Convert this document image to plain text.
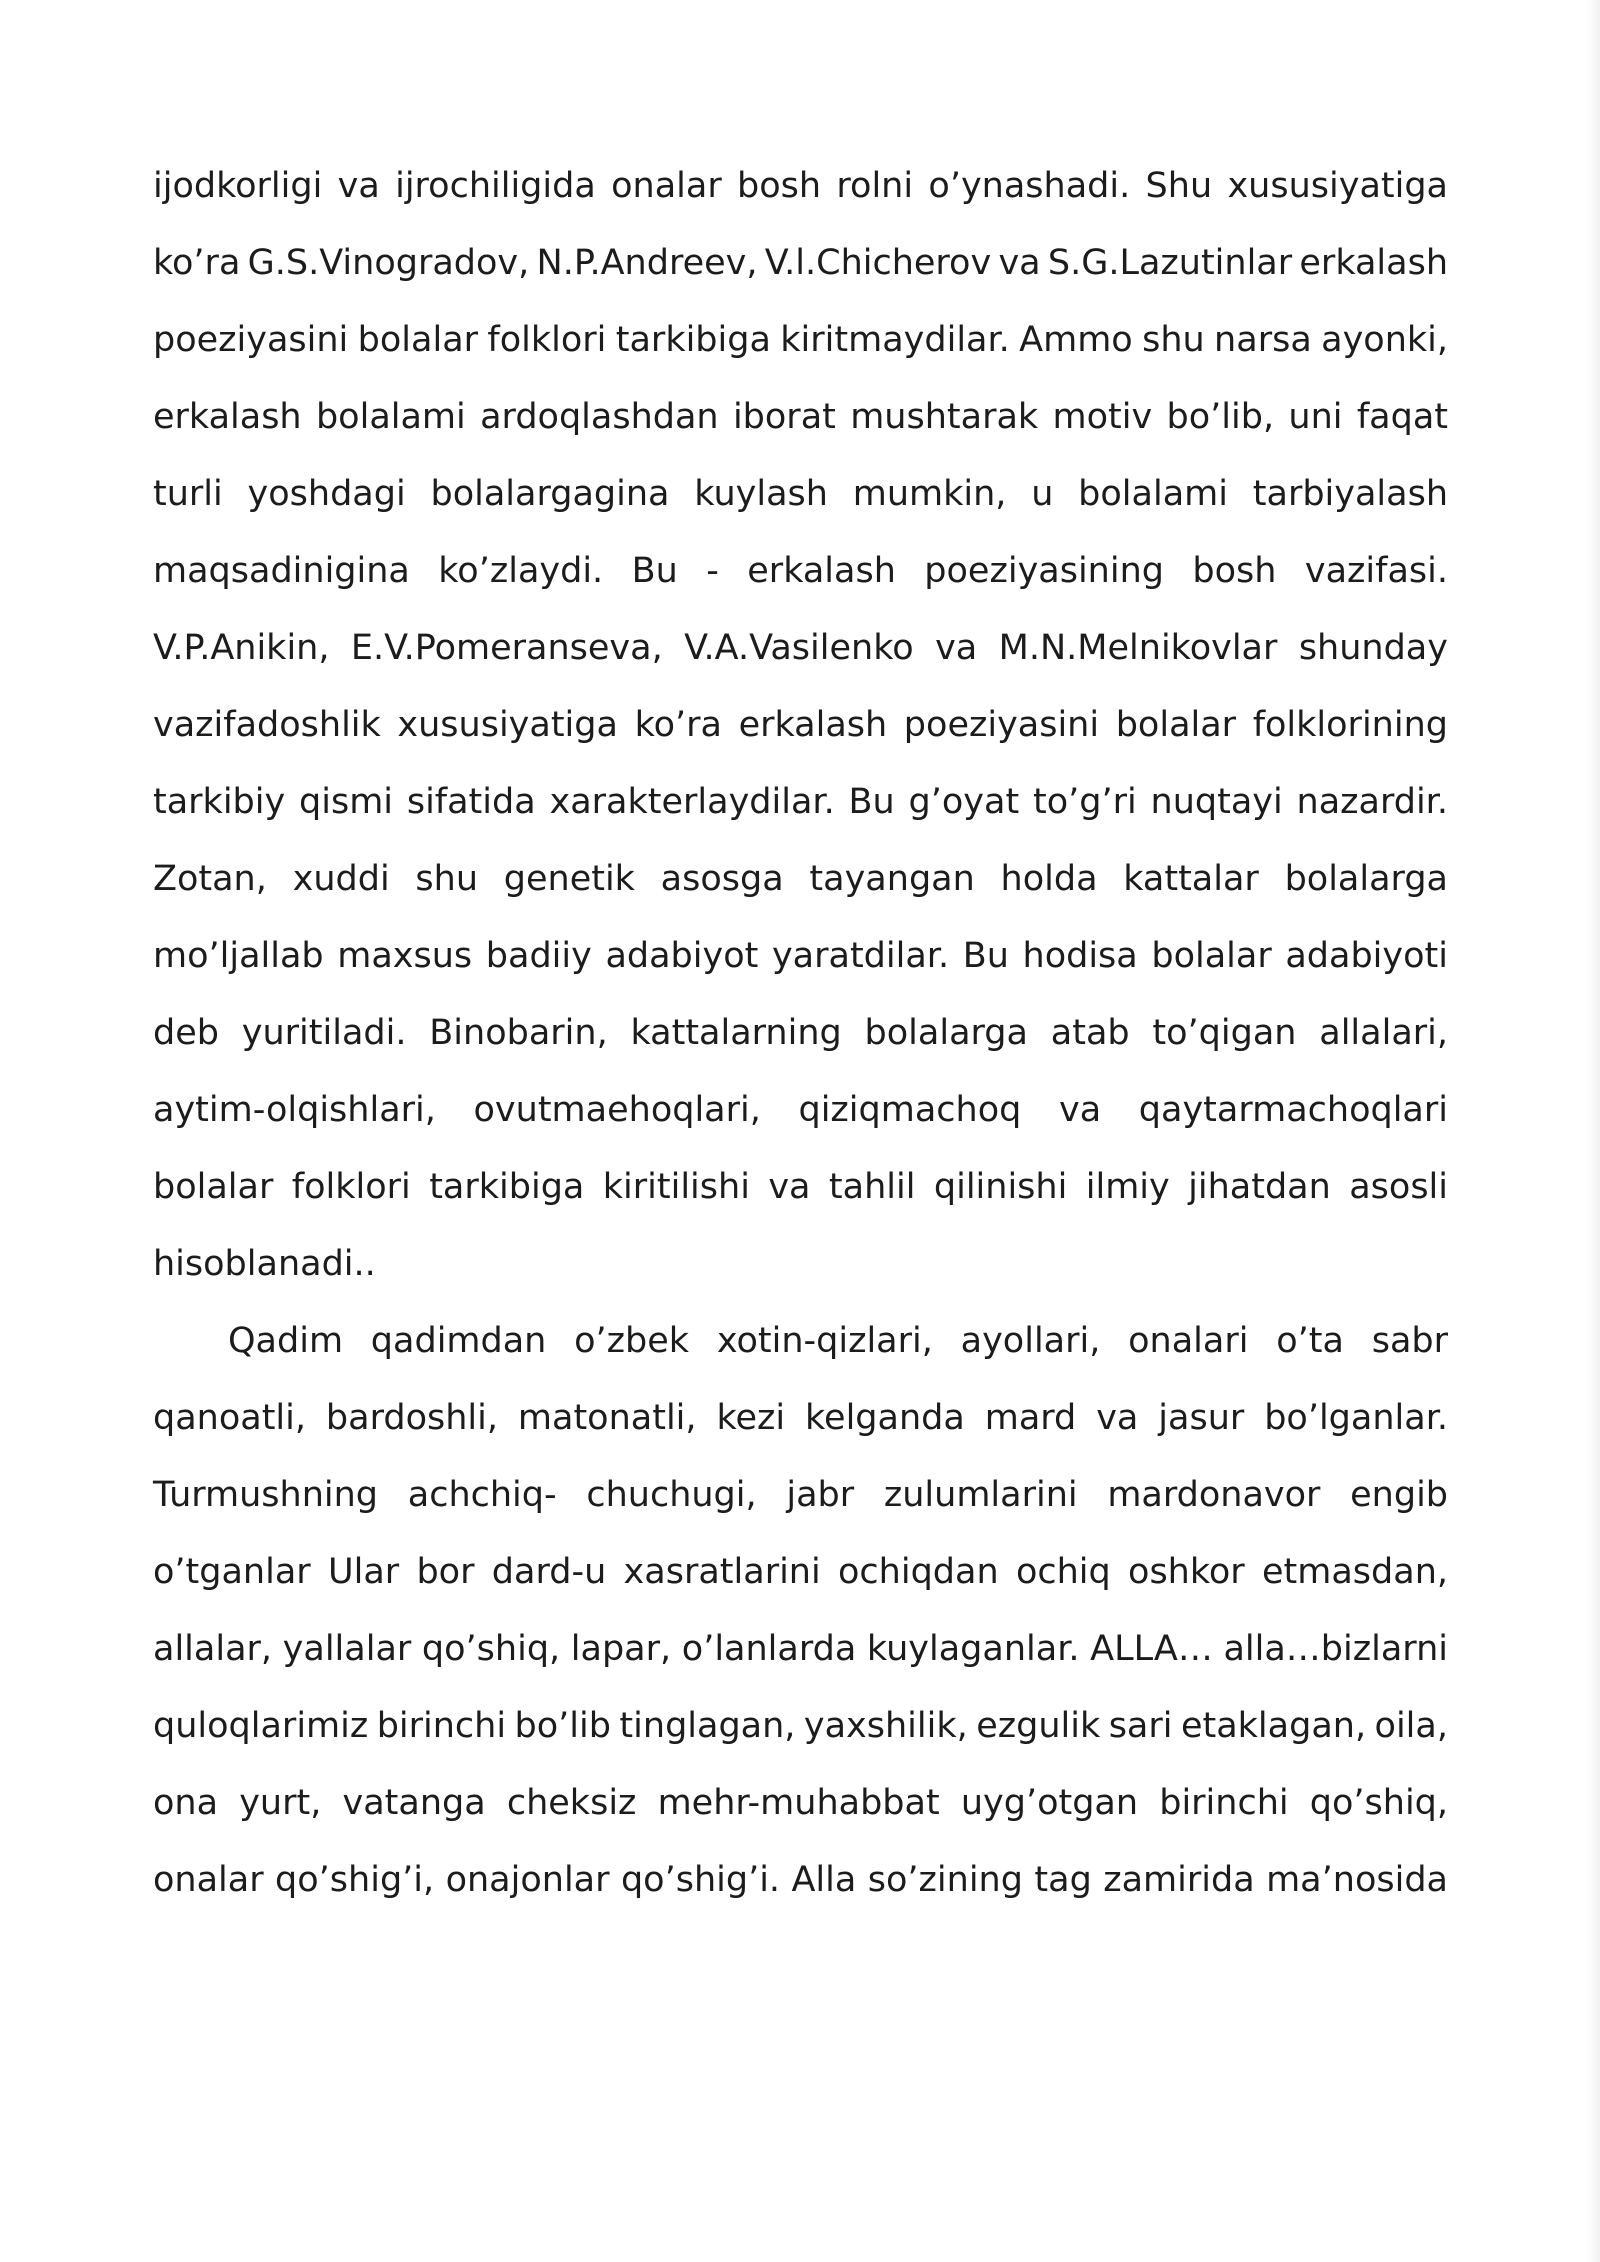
ijodkorligi va ijrochiligida onalar bosh rolni o’ynashadi. Shu xususiyatiga
ko’ra G.S.Vinogradov, N.P.Andreev, V.l.Chicherov va S.G.Lazutinlar erkalash
poeziyasini bolalar folklori tarkibiga kiritmaydilar. Ammo shu narsa ayonki,
erkalash bolalami ardoqlashdan iborat mushtarak motiv bo’lib, uni faqat
turli yoshdagi bolalargagina kuylash mumkin, u bolalami tarbiyalash
maqsadinigina ko’zlaydi. Bu - erkalash poeziyasining bosh vazifasi.
V.P.Anikin, E.V.Pomeranseva, V.A.Vasilenko va M.N.Melnikovlar shunday
vazifadoshlik xususiyatiga ko’ra erkalash poeziyasini bolalar folklorining
tarkibiy qismi sifatida xarakterlaydilar. Bu g’oyat to’g’ri nuqtayi nazardir.
Zotan, xuddi shu genetik asosga tayangan holda kattalar bolalarga
mo’ljallab maxsus badiiy adabiyot yaratdilar. Bu hodisa bolalar adabiyoti
deb yuritiladi. Binobarin, kattalarning bolalarga atab to’qigan allalari,
aytim-olqishlari, ovutmaehoqlari, qiziqmachoq va qaytarmachoqlari
bolalar folklori tarkibiga kiritilishi va tahlil qilinishi ilmiy jihatdan asosli
hisoblanadi..
Qadim qadimdan o’zbek xotin-qizlari, ayollari, onalari o’ta sabr
qanoatli, bardoshli, matonatli, kezi kelganda mard va jasur bo’lganlar.
Turmushning achchiq- chuchugi, jabr zulumlarini mardonavor engib
o’tganlar Ular bor dard-u xasratlarini ochiqdan ochiq oshkor etmasdan,
allalar, yallalar qo’shiq, lapar, o’lanlarda kuylaganlar. ALLA… alla…bizlarni
quloqlarimiz birinchi bo’lib tinglagan, yaxshilik, ezgulik sari etaklagan, oila,
ona yurt, vatanga cheksiz mehr-muhabbat uyg’otgan birinchi qo’shiq,
onalar qo’shig’i, onajonlar qo’shig’i. Alla so’zining tag zamirida ma’nosida
